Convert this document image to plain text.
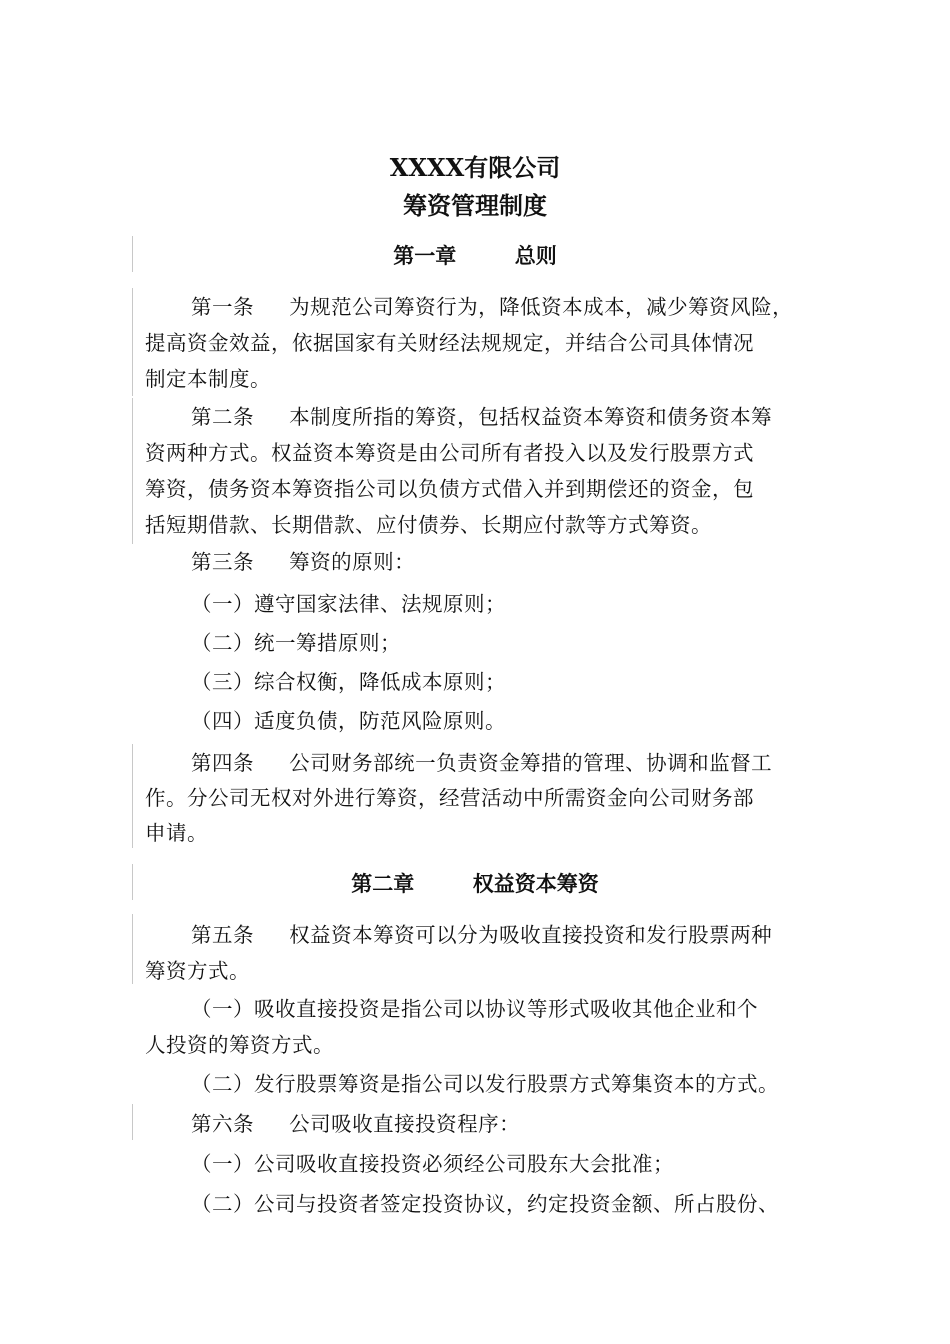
XXXX有限公司
筹资管理制度
第一章        总则
第一条     为规范公司筹资行为，降低资本成本，减少筹资风险，
提高资金效益，依据国家有关财经法规规定，并结合公司具体情况
制定本制度。
第二条     本制度所指的筹资，包括权益资本筹资和债务资本筹
资两种方式。权益资本筹资是由公司所有者投入以及发行股票方式
筹资，债务资本筹资指公司以负债方式借入并到期偿还的资金，包
括短期借款、长期借款、应付债券、长期应付款等方式筹资。
第三条     筹资的原则：
（一）遵守国家法律、法规原则；
（二）统一筹措原则；
（三）综合权衡，降低成本原则；
（四）适度负债，防范风险原则。
第四条     公司财务部统一负责资金筹措的管理、协调和监督工
作。分公司无权对外进行筹资，经营活动中所需资金向公司财务部
申请。
第二章        权益资本筹资
第五条     权益资本筹资可以分为吸收直接投资和发行股票两种
筹资方式。
（一）吸收直接投资是指公司以协议等形式吸收其他企业和个
人投资的筹资方式。
（二）发行股票筹资是指公司以发行股票方式筹集资本的方式。
第六条     公司吸收直接投资程序：
（一）公司吸收直接投资必须经公司股东大会批准；
（二）公司与投资者签定投资协议，约定投资金额、所占股份、
